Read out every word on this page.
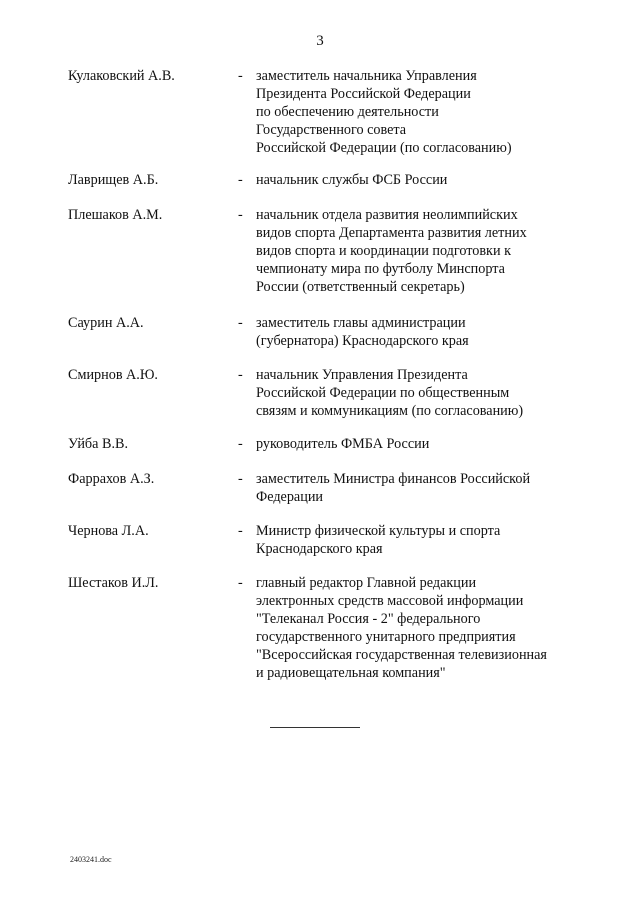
3
Кулаковский А.В.	- заместитель начальника Управления
Президента Российской Федерации
по обеспечению деятельности
Государственного совета
Российской Федерации (по согласованию)
Лаврищев А.Б.	- начальник службы ФСБ России
Плешаков А.М.	- начальник отдела развития неолимпийских
видов спорта Департамента развития летних
видов спорта и координации подготовки к
чемпионату мира по футболу Минспорта
России (ответственный секретарь)
Саурин А.А.	- заместитель главы администрации
(губернатора) Краснодарского края
Смирнов А.Ю.	- начальник Управления Президента
Российской Федерации по общественным
связям и коммуникациям (по согласованию)
Уйба В.В.	- руководитель ФМБА России
Фаррахов А.З.	- заместитель Министра финансов Российской
Федерации
Чернова Л.А.	- Министр физической культуры и спорта
Краснодарского края
Шестаков И.Л.	- главный редактор Главной редакции
электронных средств массовой информации
"Телеканал Россия - 2" федерального
государственного унитарного предприятия
"Всероссийская государственная телевизионная
и радиовещательная компания"
2403241.doc
